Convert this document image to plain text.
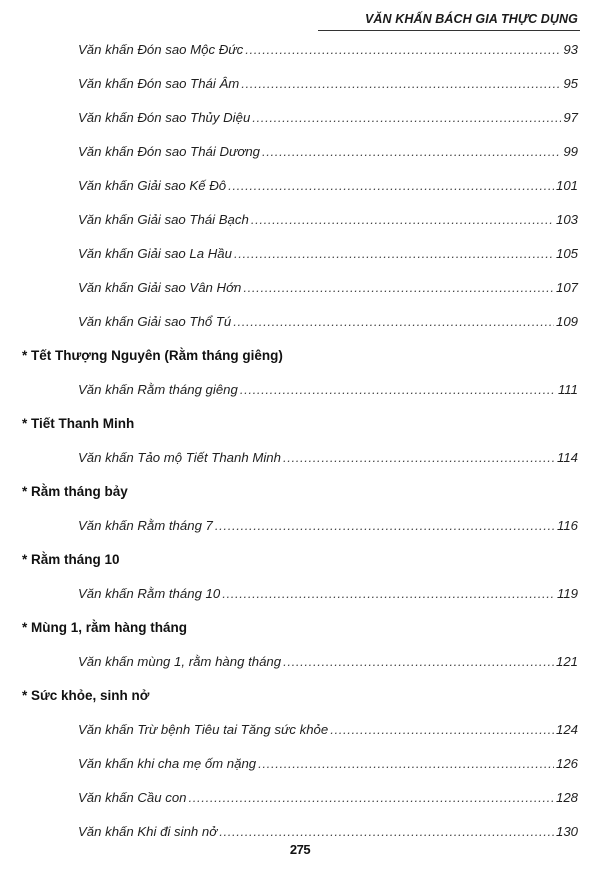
VĂN KHẤN BÁCH GIA THỰC DỤNG
Văn khấn Đón sao Mộc Đức .....	93
Văn khấn Đón sao Thái Âm .....	95
Văn khấn Đón sao Thủy Diệu .....	97
Văn khấn Đón sao Thái Dương .....	99
Văn khấn Giải sao Kế Đô .....	101
Văn khấn Giải sao Thái Bạch .....	103
Văn khấn Giải sao La Hầu .....	105
Văn khấn Giải sao Vân Hớn .....	107
Văn khấn Giải sao Thổ Tú .....	109
* Tết Thượng Nguyên (Rằm tháng giêng)
Văn khấn Rằm tháng giêng .....	111
* Tiết Thanh Minh
Văn khấn Tảo mộ Tiết Thanh Minh .....	114
* Rằm tháng bảy
Văn khấn Rằm tháng 7 .....	116
* Rằm tháng 10
Văn khấn Rằm tháng 10 .....	119
* Mùng 1, rằm hàng tháng
Văn khấn mùng 1, rằm hàng tháng .....	121
* Sức khỏe, sinh nở
Văn khấn Trừ bệnh Tiêu tai Tăng sức khỏe .....	124
Văn khấn khi cha mẹ ốm nặng .....	126
Văn khấn Cầu con .....	128
Văn khấn Khi đi sinh nở .....	130
275
